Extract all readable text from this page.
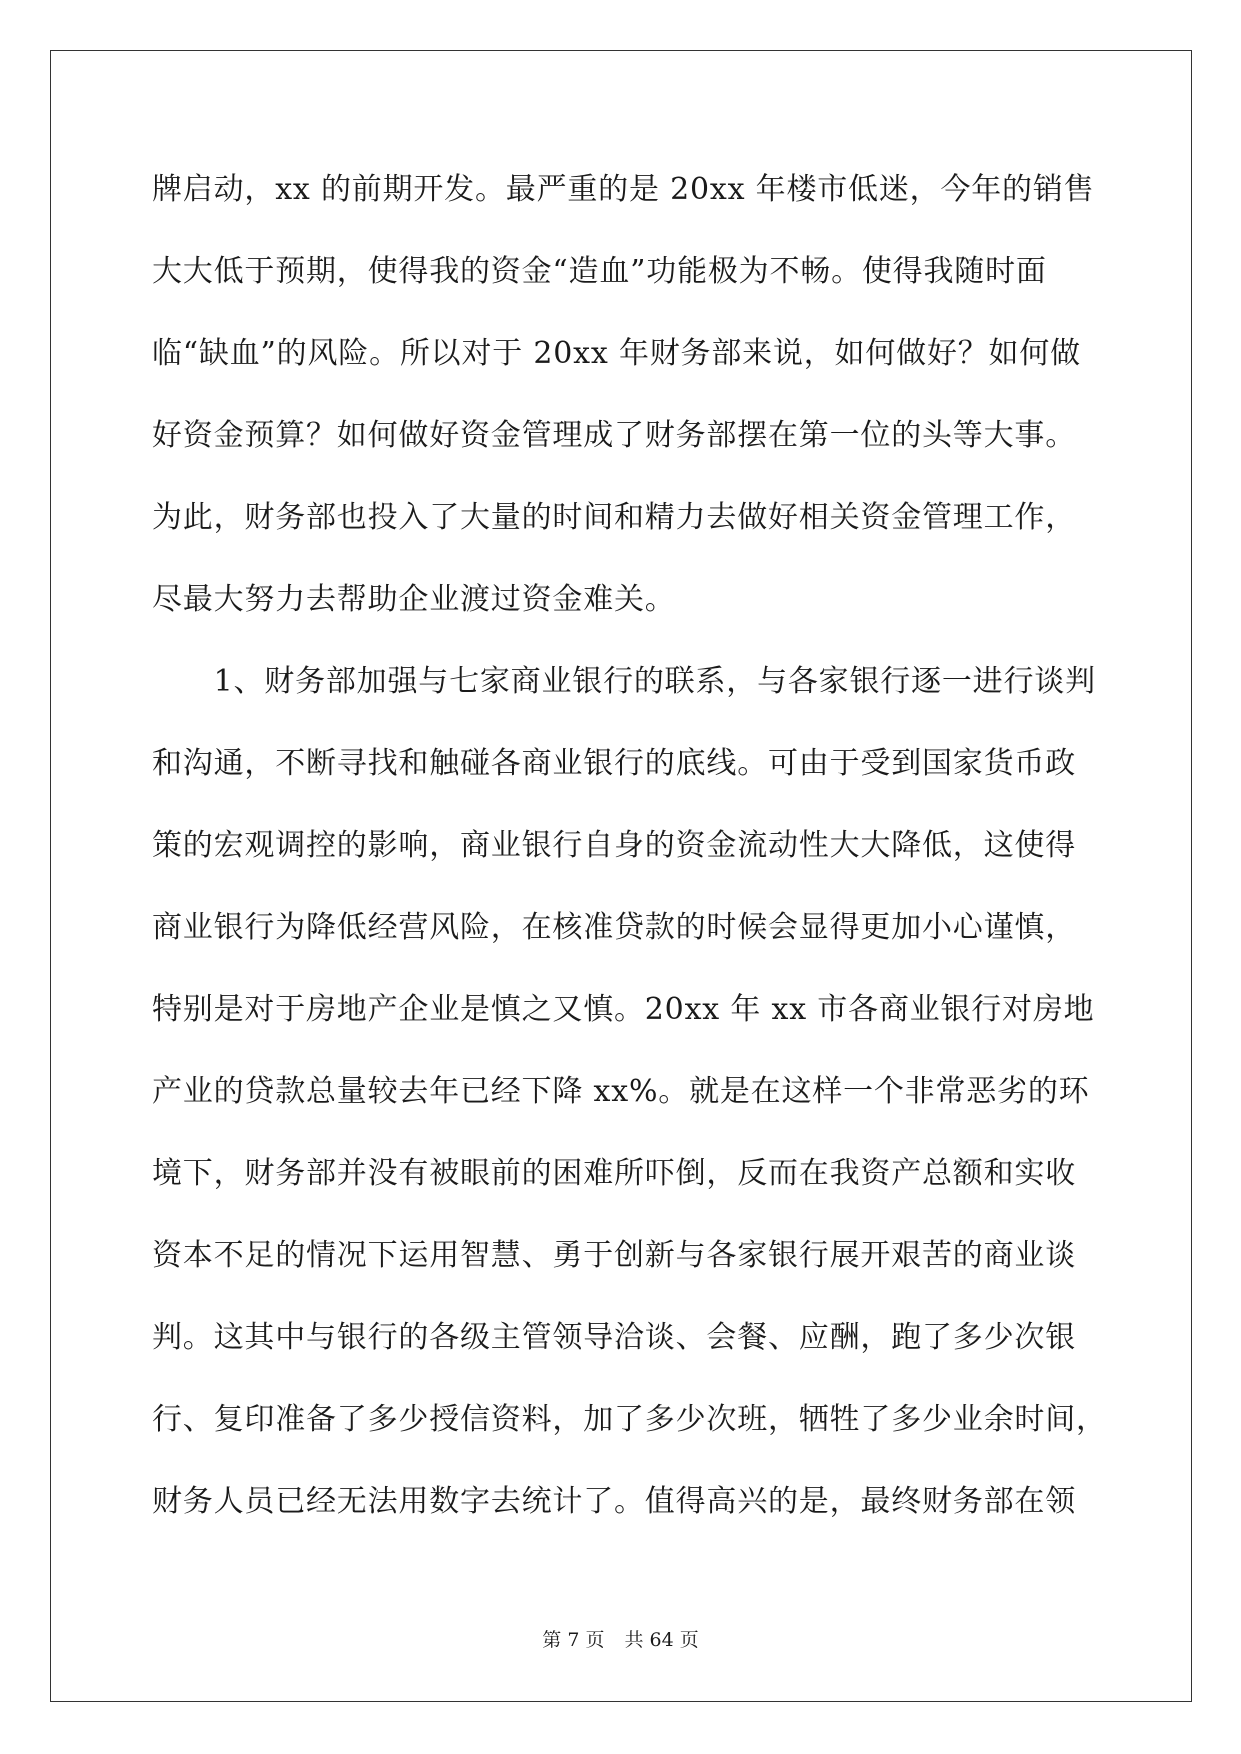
牌启动，xx 的前期开发。最严重的是 20xx 年楼市低迷，今年的销售
大大低于预期，使得我的资金“造血”功能极为不畅。使得我随时面
临“缺血”的风险。所以对于 20xx 年财务部来说，如何做好？如何做
好资金预算？如何做好资金管理成了财务部摆在第一位的头等大事。
为此，财务部也投入了大量的时间和精力去做好相关资金管理工作，
尽最大努力去帮助企业渡过资金难关。
　　1、财务部加强与七家商业银行的联系，与各家银行逐一进行谈判
和沟通，不断寻找和触碰各商业银行的底线。可由于受到国家货币政
策的宏观调控的影响，商业银行自身的资金流动性大大降低，这使得
商业银行为降低经营风险，在核准贷款的时候会显得更加小心谨慎，
特别是对于房地产企业是慎之又慎。20xx 年 xx 市各商业银行对房地
产业的贷款总量较去年已经下降 xx%。就是在这样一个非常恶劣的环
境下，财务部并没有被眼前的困难所吓倒，反而在我资产总额和实收
资本不足的情况下运用智慧、勇于创新与各家银行展开艰苦的商业谈
判。这其中与银行的各级主管领导洽谈、会餐、应酬，跑了多少次银
行、复印准备了多少授信资料，加了多少次班，牺牲了多少业余时间，
财务人员已经无法用数字去统计了。值得高兴的是，最终财务部在领
第 7 页 共 64 页
